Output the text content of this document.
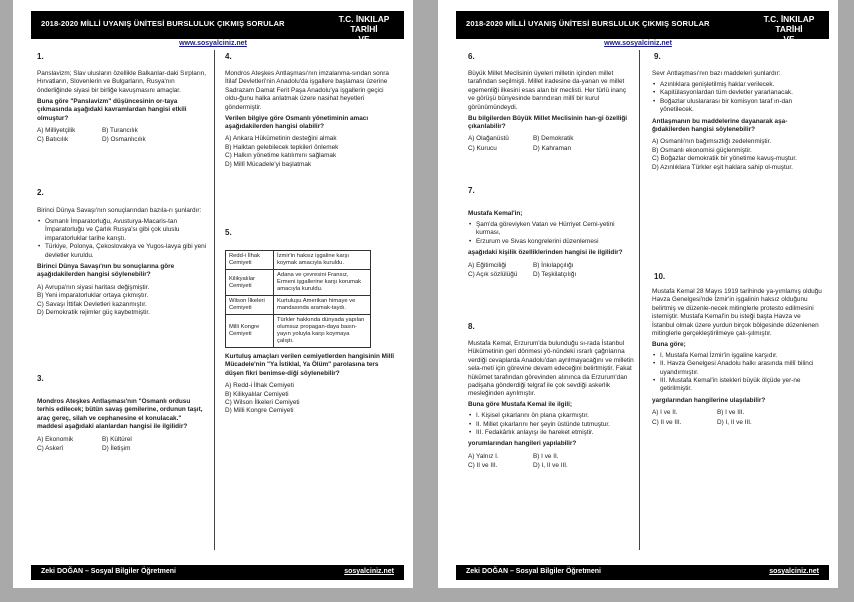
2018-2020 MİLLİ UYANIŞ ÜNİTESİ BURSLULUK ÇIKMIŞ SORULAR	T.C. İNKILAP TARİHİ
VE ATATÜRKÇÜLÜK
www.sosyalciniz.net
1.

Panslavizm; Slav ulusların özellikle Balkanlar-daki Sırpların, Hırvatların, Slovenlerin ve Bulgarların, Rusya'nın önderliğinde siyasi bir birliğe kavuşmasını amaçlar.

Buna göre "Panslavizm" düşüncesinin or-taya çıkmasında aşağıdaki kavramlardan hangisi etkili olmuştur?

A) Milliyetçilik	B) Turancılık
C) Batıcılık	D) Osmanlıcılık
2.

Birinci Dünya Savaşı'nın sonuçlarından bazıla-rı şunlardır:

• Osmanlı İmparatorluğu, Avusturya-Macaris-tan İmparatorluğu ve Çarlık Rusya'sı gibi çok uluslu imparatorluklar tarihe karıştı.
• Türkiye, Polonya, Çekoslovakya ve Yugos-lavya gibi yeni devletler kuruldu.

Birinci Dünya Savaşı'nın bu sonuçlarına göre aşağıdakilerden hangisi söylenebilir?

A) Avrupa'nın siyasi haritası değişmiştir.
B) Yeni imparatorluklar ortaya çıkmıştır.
C) Savaşı İttifak Devletleri kazanmıştır.
D) Demokratik rejimler güç kaybetmiştir.
3.

Mondros Ateşkes Antlaşması'nın "Osmanlı ordusu terhis edilecek; bütün savaş gemilerine, ordunun taşıt, araç gereç, silah ve cephanesine el konulacak." maddesi aşağıdaki alanlardan hangisi ile ilgilidir?

A) Ekonomik	B) Kültürel
C) Askerî	D) İletişim
4.

Mondros Ateşkes Antlaşması'nın imzalanma-sından sonra İtilaf Devletleri'nin Anadolu'da işgallere başlaması üzerine Sadrazam Damat Ferit Paşa Anadolu'ya işgallerin geçici oldu-ğunu halka anlatmak üzere nasihat heyetleri göndermiştir.

Verilen bilgiye göre Osmanlı yönetiminin amacı aşağıdakilerden hangisi olabilir?

A) Ankara Hükümetinin desteğini almak
B) Halktan gelebilecek tepkileri önlemek
C) Halkın yönetime katılımını sağlamak
D) Millî Mücadele'yi başlatmak
5.
Redd-i İlhak Cemiyeti	İzmir'in haksız işgaline karşı koymak amacıyla kuruldu.
Kilikyalılar Cemiyeti	Adana ve çevresini Fransız, Ermeni işgallerine karşı korumak amacıyla kuruldu.
Wilson İlkeleri Cemiyeti	Kurtuluşu Amerikan himaye ve mandasında aramak-taydı.
Milli Kongre Cemiyeti	Türkler hakkında dünyada yapılan olumsuz propagan-daya basın-yayın yoluyla karşı koymaya çalıştı.

Kurtuluş amaçları verilen cemiyetlerden hangisinin Millî Mücadele'nin "Ya İstiklal, Ya Ölüm" parolasına ters düşen fikri benimse-diği söylenebilir?

A) Redd-i İlhak Cemiyeti
B) Kilikyalılar Cemiyeti
C) Wilson İlkeleri Cemiyeti
D) Milli Kongre Cemiyeti
Zeki DOĞAN – Sosyal Bilgiler Öğretmeni	sosyalciniz.net
2018-2020 MİLLİ UYANIŞ ÜNİTESİ BURSLULUK ÇIKMIŞ SORULAR	T.C. İNKILAP TARİHİ
VE ATATÜRKÇÜLÜK
www.sosyalciniz.net
6.

Büyük Millet Meclisinin üyeleri milletin içinden millet tarafından seçilmişti. Millet iradesine da-yanan ve millet egemenliği ilkesini esas alan bir meclisti. Her türlü inanç ve görüşü bünyesinde barındıran millî bir kurul görünümündeydi.

Bu bilgilerden Büyük Millet Meclisinin han-gi özelliği çıkarılabilir?

A) Olağanüstü	B) Demokratik
C) Kurucu	D) Kahraman
7.

Mustafa Kemal'in;

• Şam'da göreviyken Vatan ve Hürriyet Cemi-yetini kurması,
• Erzurum ve Sivas kongrelerini düzenlemesi

aşağıdaki kişilik özelliklerinden hangisi ile ilgilidir?

A) Eğitimciliği	B) İnkılapçılığı
C) Açık sözlülüğü	D) Teşkilatçılığı
8.

Mustafa Kemal, Erzurum'da bulunduğu sı-rada İstanbul Hükümetinin geri dönmesi yö-nündeki ısrarlı çağrılarına verdiği cevaplarda Anadolu'dan ayrılmayacağını ve milletin sela-meti için görevine devam edeceğini belirtmiştir. Fakat hükûmet tarafından görevinden alınınca da Erzurum'dan padişaha gönderdiği telgraf ile çok sevdiği askerlik mesleğinden ayrılmıştır.

Buna göre Mustafa Kemal ile ilgili;

• I. Kişisel çıkarlarını ön plana çıkarmıştır.
• II. Millet çıkarlarını her şeyin üstünde tutmuştur.
• III. Fedakârlık anlayışı ile hareket etmiştir.

yorumlarından hangileri yapılabilir?

A) Yalnız I.	B) I ve II.
C) II ve III.	D) I, II ve III.
9.

Sevr Antlaşması'nın bazı maddeleri şunlardır:

• Azınlıklara genişletilmiş haklar verilecek.
• Kapitülasyonlardan tüm devletler yararlanacak.
• Boğazlar uluslararası bir komisyon taraf ın-dan yönetilecek.

Antlaşmanın bu maddelerine dayanarak aşa-ğıdakilerden hangisi söylenebilir?

A) Osmanlı'nın bağımsızlığı zedelenmiştir.
B) Osmanlı ekonomisi güçlenmiştir.
C) Boğazlar demokratik bir yönetime kavuş-muştur.
D) Azınlıklara Türkler eşit haklara sahip ol-muştur.
10.

Mustafa Kemal 28 Mayıs 1919 tarihinde ya-yımlamış olduğu Havza Genelgesi'nde İzmir'in işgalinin haksız olduğunu belirtmiş ve düzenle-necek mitinglerle protesto edilmesini istemiştir. Mustafa Kemal'in bu isteği başta Havza ve İstanbul olmak üzere yurdun birçok bölgesinde düzenlenen mitinglerle gerçekleştirilmeye çalı-şılmıştır.

Buna göre;

• I. Mustafa Kemal İzmir'in işgaline karşıdır.
• II. Havza Genelgesi Anadolu halkı arasında millî bilinci uyandırmıştır.
• III. Mustafa Kemal'in istekleri büyük ölçüde yer-ne getirilmiştir.

yargılarından hangilerine ulaşılabilir?

A) I ve II.	B) I ve III.
C) II ve III.	D) I, II ve III.
Zeki DOĞAN – Sosyal Bilgiler Öğretmeni	sosyalciniz.net
